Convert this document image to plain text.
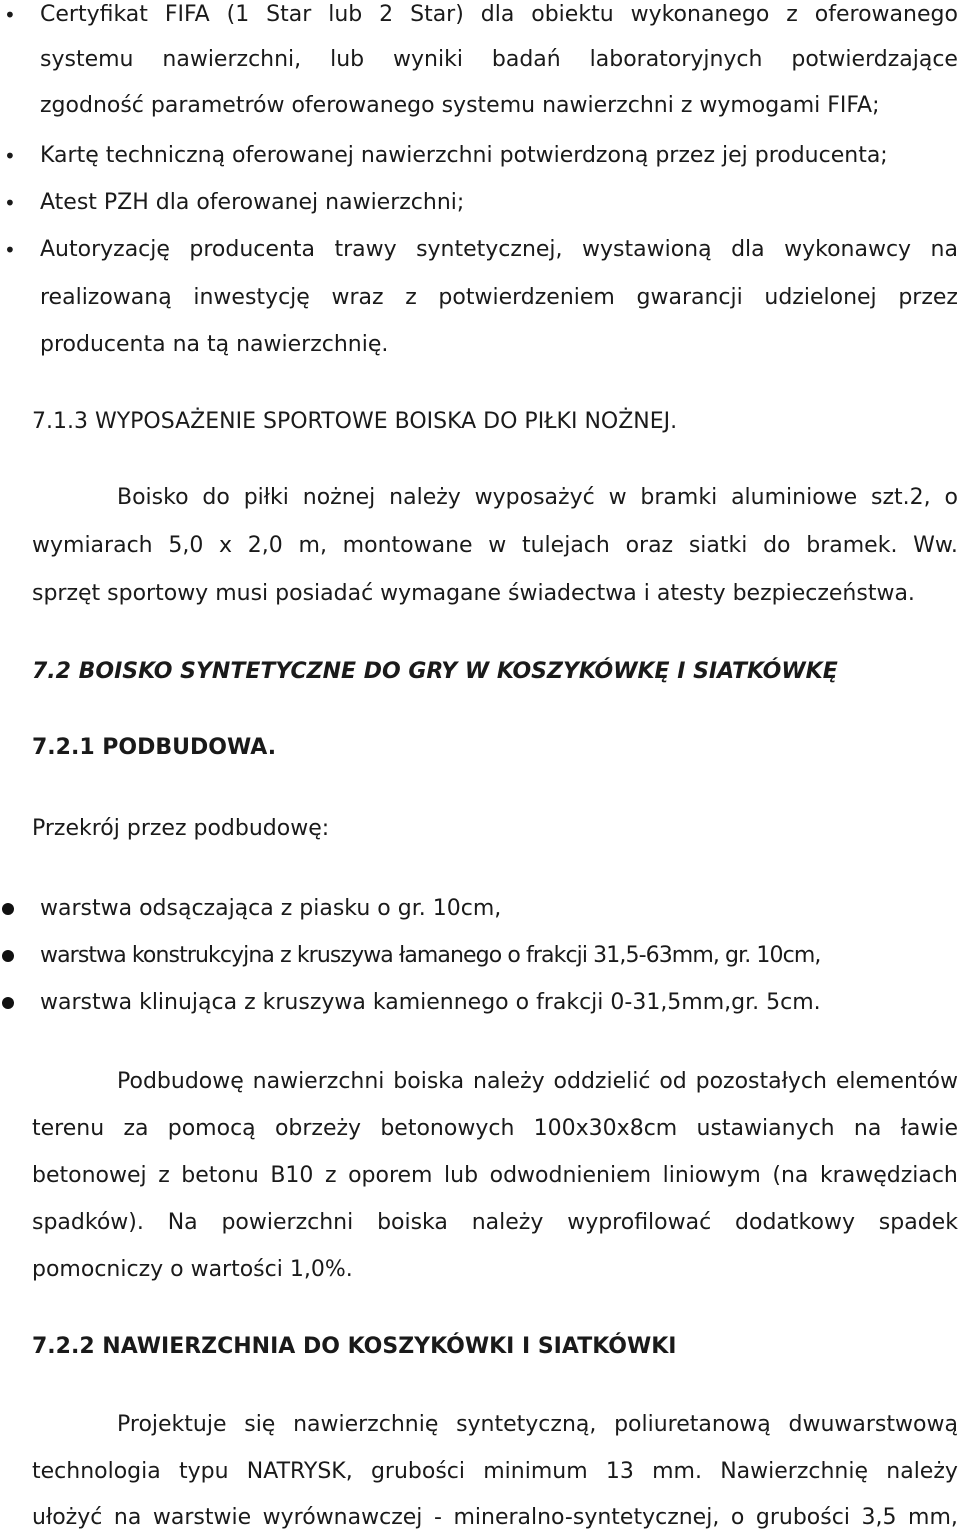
• Certyfikat FIFA (1 Star lub 2 Star) dla obiektu wykonanego z oferowanego
systemu nawierzchni, lub wyniki badań laboratoryjnych potwierdzające
zgodność parametrów oferowanego systemu nawierzchni z wymogami FIFA;
• Kartę techniczną oferowanej nawierzchni potwierdzoną przez jej producenta;
• Atest PZH dla oferowanej nawierzchni;
• Autoryzację producenta trawy syntetycznej, wystawioną dla wykonawcy na
realizowaną inwestycję wraz z potwierdzeniem gwarancji udzielonej przez
producenta na tą nawierzchnię.
7.1.3 WYPOSAŻENIE SPORTOWE BOISKA DO PIŁKI NOŻNEJ.
Boisko do piłki nożnej należy wyposażyć w bramki aluminiowe szt.2, o
wymiarach 5,0 x 2,0 m, montowane w tulejach oraz siatki do bramek. Ww.
sprzęt sportowy musi posiadać wymagane świadectwa i atesty bezpieczeństwa.
7.2 BOISKO SYNTETYCZNE DO GRY W KOSZYKÓWKĘ I SIATKÓWKĘ
7.2.1 PODBUDOWA.
Przekrój przez podbudowę:
warstwa odsączająca z piasku o gr. 10cm,
warstwa konstrukcyjna z kruszywa łamanego o frakcji 31,5-63mm, gr. 10cm,
warstwa klinująca z kruszywa kamiennego o frakcji 0-31,5mm,gr. 5cm.
Podbudowę nawierzchni boiska należy oddzielić od pozostałych elementów
terenu za pomocą obrzeży betonowych 100x30x8cm ustawianych na ławie
betonowej z betonu B10 z oporem lub odwodnieniem liniowym (na krawędziach
spadków). Na powierzchni boiska należy wyprofilować dodatkowy spadek
pomocniczy o wartości 1,0%.
7.2.2 NAWIERZCHNIA DO KOSZYKÓWKI I SIATKÓWKI
Projektuje się nawierzchnię syntetyczną, poliuretanową dwuwarstwową
technologia typu NATRYSK, grubości minimum 13 mm. Nawierzchnię należy
ułożyć na warstwie wyrównawczej - mineralno-syntetycznej, o grubości 3,5 mm,
